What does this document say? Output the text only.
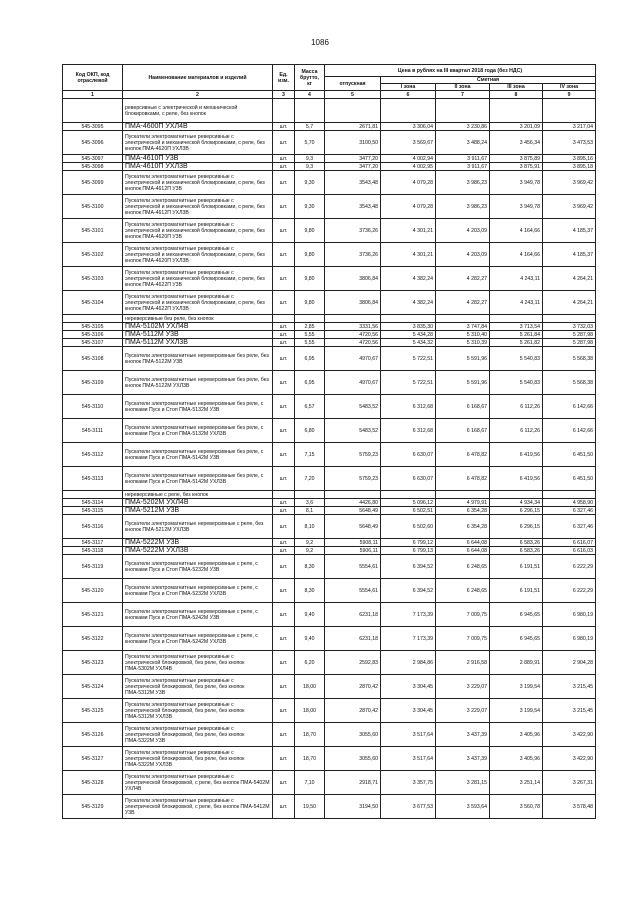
1086
Код ОКП, код отраслевой	Наименование материалов и изделий	Ед. изм.	Масса брутто, кг	Цена в рублях на III квартал 2018 года (без НДС)				
				отпускная	Сметная			
					I зона	II зона	III зона	IV зона
1	2	3	4	5	6	7	8	9
	реверсивные с электрической и механической блокировками, с реле, без кнопок							
545-3095	ПМА-4600П УХЛ4В	шт.	5,7	2671,81	3 306,04	3 230,86	3 201,09	3 217,04
545-3096	Пускатели электромагнитные реверсивные с электрической и механической блокировками, с реле, без кнопок ПМА-4620П УХЛ3В	шт.	5,70	3100,50	3 569,67	3 488,24	3 456,34	3 473,53
545-3097	ПМА-4610П У3В	шт.	9,3	3477,20	4 002,94	3 911,67	3 875,89	3 895,16
545-3098	ПМА-4610П УХЛ3В	шт.	9,3	3477,20	4 002,95	3 911,67	3 875,91	3 895,18
545-3099	Пускатели электромагнитные реверсивные с электрической и механической блокировками, с реле, без кнопок ПМА-4612П У3В	шт.	9,30	3543,48	4 079,28	3 986,23	3 949,78	3 969,42
545-3100	Пускатели электромагнитные реверсивные с электрической и механической блокировками, с реле, без кнопок ПМА-4612П УХЛ3В	шт.	9,30	3543,48	4 079,28	3 986,23	3 949,78	3 969,42
545-3101	Пускатели электромагнитные реверсивные с электрической и механической блокировками, с реле, без кнопок ПМА-4620П У3В	шт.	9,80	3736,26	4 301,21	4 203,09	4 164,66	4 185,37
545-3102	Пускатели электромагнитные реверсивные с электрической и механической блокировками, с реле, без кнопок ПМА-4620П УХЛ3В	шт.	9,80	3736,26	4 301,21	4 203,09	4 164,66	4 185,37
545-3103	Пускатели электромагнитные реверсивные с электрической и механической блокировками, с реле, без кнопок ПМА-4622П У3В	шт.	9,80	3806,84	4 382,24	4 282,27	4 243,11	4 264,21
545-3104	Пускатели электромагнитные реверсивные с электрической и механической блокировками, с реле, без кнопок ПМА-4622П УХЛ3В	шт.	9,80	3806,84	4 382,24	4 282,27	4 243,11	4 264,21
	нереверсивные без реле, без кнопок							
545-3105	ПМА-5102М УХЛ4В	шт.	2,85	3331,56	3 835,30	3 747,84	3 713,54	3 732,03
545-3106	ПМА-5112М У3В	шт.	5,55	4720,56	5 434,28	5 310,40	5 261,84	5 287,98
545-3107	ПМА-5112М УХЛ3В	шт.	5,55	4720,56	5 434,32	5 310,39	5 261,82	5 287,98
545-3108	Пускатели электромагнитные нереверсивные без реле, без кнопок ПМА-5122М У3В	шт.	6,95	4970,67	5 722,51	5 591,96	5 540,83	5 568,38
545-3109	Пускатели электромагнитные нереверсивные без реле, без кнопок ПМА-5122М УХЛ3В	шт.	6,95	4970,67	5 722,51	5 591,96	5 540,83	5 568,38
545-3110	Пускатели электромагнитные нереверсивные без реле, с кнопками Пуск и Стоп ПМА-5132М У3В	шт.	6,57	5483,52	6 312,68	6 168,67	6 112,26	6 142,66
545-3111	Пускатели электромагнитные нереверсивные без реле, с кнопками Пуск и Стоп ПМА-5132М УХЛ3В	шт.	6,80	5483,52	6 312,68	6 168,67	6 112,26	6 142,66
545-3112	Пускатели электромагнитные нереверсивные без реле, с кнопками Пуск и Стоп ПМА-5142М У3В	шт.	7,15	5759,23	6 630,07	6 478,82	6 419,56	6 451,50
545-3113	Пускатели электромагнитные нереверсивные без реле, с кнопками Пуск и Стоп ПМА-5142М УХЛ3В	шт.	7,20	5759,23	6 630,07	6 478,82	6 419,56	6 451,50
	нереверсивные с реле, без кнопок							
545-3114	ПМА-5202М УХЛ4В	шт.	3,6	4426,80	5 096,12	4 979,91	4 934,34	4 958,90
545-3115	ПМА-5212М У3В	шт.	8,1	5648,49	6 502,51	6 354,28	6 296,15	6 327,46
545-3116	Пускатели электромагнитные нереверсивные с реле, без кнопок ПМА-5212М УХЛ3В	шт.	8,10	5648,49	6 502,60	6 354,28	6 296,15	6 327,46
545-3117	ПМА-5222М У3В	шт.	9,2	5908,11	6 799,12	6 644,08	6 583,26	6 616,07
545-3118	ПМА-5222М УХЛ3В	шт.	9,2	5906,11	6 799,13	6 644,08	6 583,26	6 616,03
545-3119	Пускатели электромагнитные нереверсивные с реле, с кнопками Пуск и Стоп ПМА-5232М У3В	шт.	8,30	5554,61	6 394,52	6 248,65	6 191,51	6 222,29
545-3120	Пускатели электромагнитные нереверсивные с реле, с кнопками Пуск и Стоп ПМА-5232М УХЛ3В	шт.	8,30	5554,61	6 394,52	6 248,65	6 191,51	6 222,29
545-3121	Пускатели электромагнитные нереверсивные с реле, с кнопками Пуск и Стоп ПМА-5242М У3В	шт.	9,40	6231,18	7 173,39	7 009,75	6 945,65	6 980,19
545-3122	Пускатели электромагнитные нереверсивные с реле, с кнопками Пуск и Стоп ПМА-5242М УХЛ3В	шт.	9,40	6231,18	7 173,39	7 009,75	6 945,65	6 980,19
545-3123	Пускатели электромагнитные реверсивные с электрической блокировкой, без реле, без кнопок ПМА-5302М УХЛ4В	шт.	6,20	2592,83	2 984,86	2 916,58	2 889,91	2 904,28
545-3124	Пускатели электромагнитные реверсивные с электрической блокировкой, без реле, без кнопок ПМА-5312М У3В	шт.	18,00	2870,42	3 304,45	3 229,07	3 199,54	3 215,45
545-3125	Пускатели электромагнитные реверсивные с электрической блокировкой, без реле, без кнопок ПМА-5312М УХЛ3В	шт.	18,00	2870,42	3 304,45	3 229,07	3 199,54	3 215,45
545-3126	Пускатели электромагнитные реверсивные с электрической блокировкой, без реле, без кнопок ПМА-5322М У3В	шт.	18,70	3055,60	3 517,64	3 437,39	3 405,96	3 422,90
545-3127	Пускатели электромагнитные реверсивные с электрической блокировкой, без реле, без кнопок ПМА-5322М УХЛ3В	шт.	18,70	3055,60	3 517,64	3 437,39	3 405,96	3 422,90
545-3128	Пускатели электромагнитные реверсивные с электрической блокировкой, с реле, без кнопок ПМА-5402М УХЛ4В	шт.	7,10	2918,71	3 357,75	3 281,15	3 251,14	3 267,31
545-3129	Пускатели электромагнитные реверсивные с электрической блокировкой, с реле, без кнопок ПМА-5412М У3В	шт.	19,50	3194,50	3 677,53	3 593,64	3 560,78	3 578,48
